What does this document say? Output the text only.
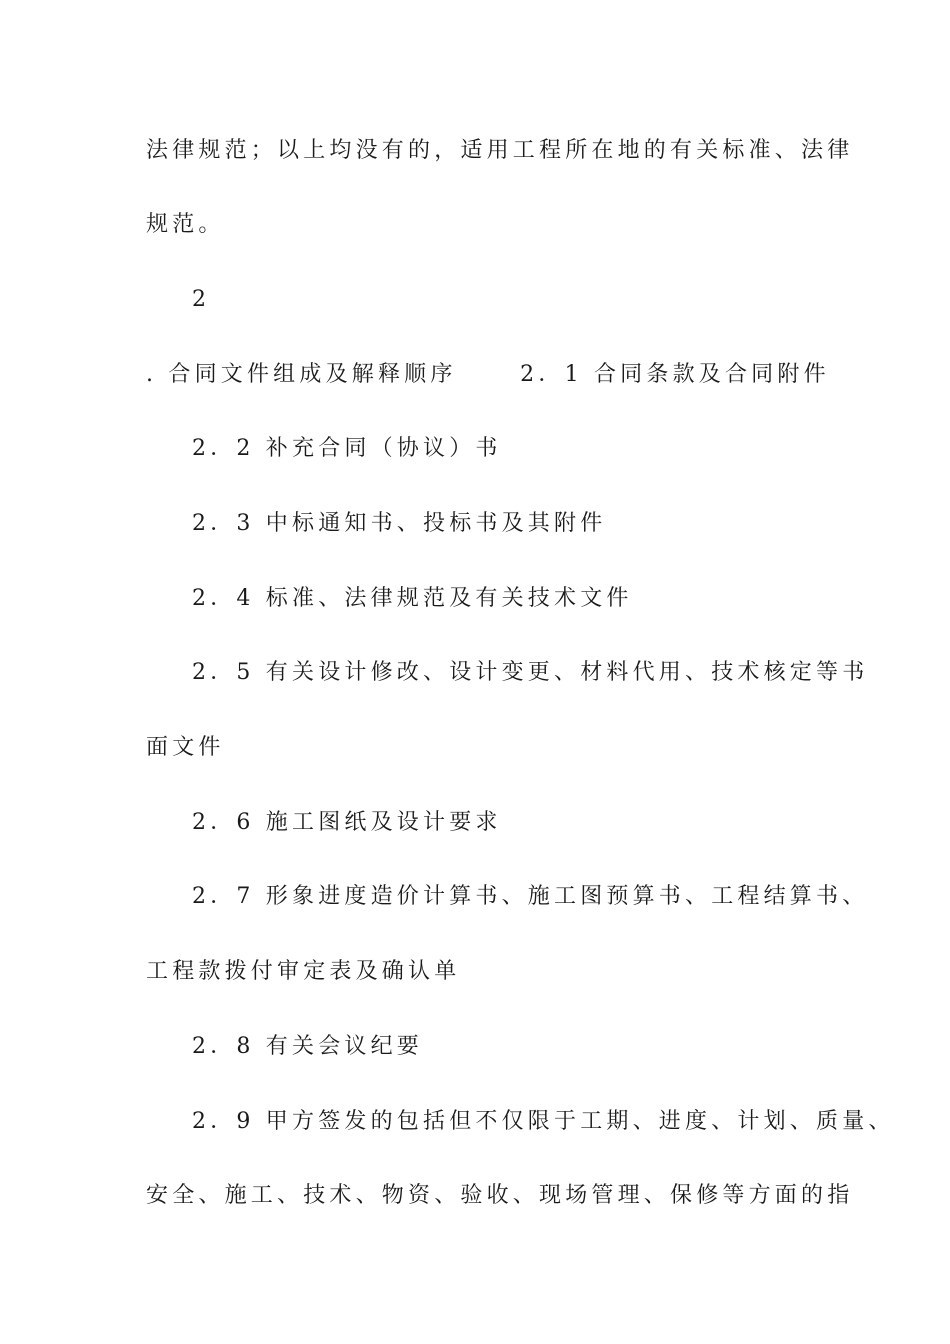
法律规范；以上均没有的，适用工程所在地的有关标准、法律
规范。
2
. 合同文件组成及解释顺序　　 2．1 合同条款及合同附件
2．2 补充合同（协议）书
2．3 中标通知书、投标书及其附件
2．4 标准、法律规范及有关技术文件
2．5 有关设计修改、设计变更、材料代用、技术核定等书
面文件
2．6 施工图纸及设计要求
2．7 形象进度造价计算书、施工图预算书、工程结算书、
工程款拨付审定表及确认单
2．8 有关会议纪要
2．9 甲方签发的包括但不仅限于工期、进度、计划、质量、
安全、施工、技术、物资、验收、现场管理、保修等方面的指
